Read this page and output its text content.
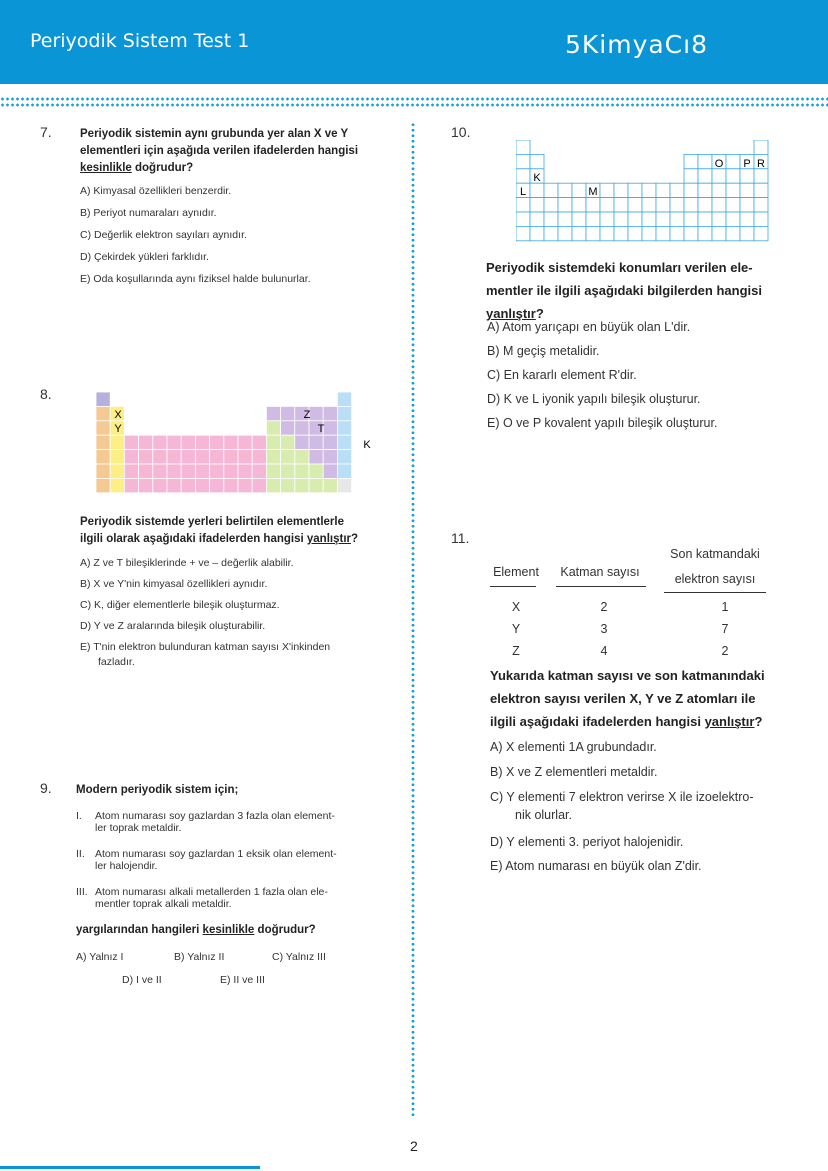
Periyodik Sistem Test 1	5KimyaCı8
7. Periyodik sistemin aynı grubunda yer alan X ve Y
elementleri için aşağıda verilen ifadelerden hangisi
kesinlikle doğrudur?
A) Kimyasal özellikleri benzerdir.
B) Periyot numaraları aynıdır.
C) Değerlik elektron sayıları aynıdır.
D) Çekirdek yükleri farklıdır.
E) Oda koşullarında aynı fiziksel halde bulunurlar.
8.
X
Y
Z
T
K
Periyodik sistemde yerleri belirtilen elementlerle
ilgili olarak aşağıdaki ifadelerden hangisi yanlıştır?
A) Z ve T bileşiklerinde + ve – değerlik alabilir.
B) X ve Y'nin kimyasal özellikleri aynıdır.
C) K, diğer elementlerle bileşik oluşturmaz.
D) Y ve Z aralarında bileşik oluşturabilir.
E) T'nin elektron bulunduran katman sayısı X'inkinden
fazladır.
9. Modern periyodik sistem için;
I. Atom numarası soy gazlardan 3 fazla olan element-
ler toprak metaldir.
II. Atom numarası soy gazlardan 1 eksik olan element-
ler halojendir.
III. Atom numarası alkali metallerden 1 fazla olan ele-
mentler toprak alkali metaldir.
yargılarından hangileri kesinlikle doğrudur?
A) Yalnız I	B) Yalnız II	C) Yalnız III
D) I ve II	E) II ve III
10.
K
L	M
O P R
Periyodik sistemdeki konumları verilen ele-
mentler ile ilgili aşağıdaki bilgilerden hangisi
yanlıştır?
A) Atom yarıçapı en büyük olan L'dir.
B) M geçiş metalidir.
C) En kararlı element R'dir.
D) K ve L iyonik yapılı bileşik oluşturur.
E) O ve P kovalent yapılı bileşik oluşturur.
11.
Element	Katman sayısı
Son katmandaki
elektron sayısı
X	2	1
Y	3	7
Z	4	2
Yukarıda katman sayısı ve son katmanındaki
elektron sayısı verilen X, Y ve Z atomları ile
ilgili aşağıdaki ifadelerden hangisi yanlıştır?
A) X elementi 1A grubundadır.
B) X ve Z elementleri metaldir.
C) Y elementi 7 elektron verirse X ile izoelektro-
nik olurlar.
D) Y elementi 3. periyot halojenidir.
E) Atom numarası en büyük olan Z'dir.
2
